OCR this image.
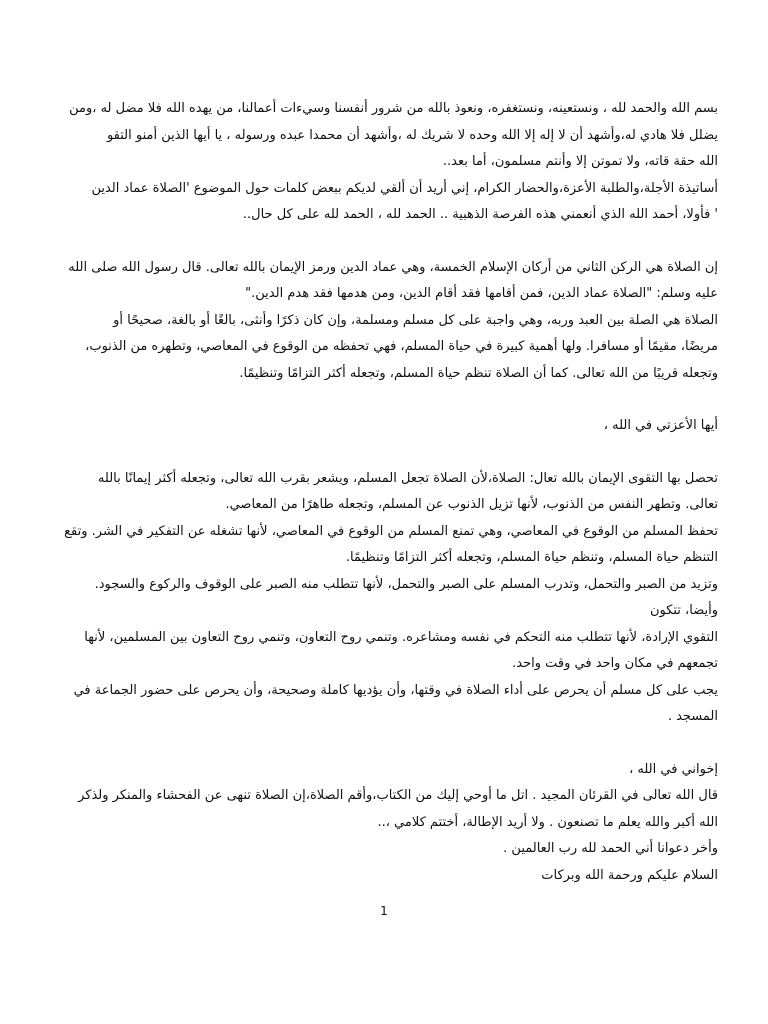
بسم الله والحمد لله ، ونستعينه، ونستغفره، ونعوذ بالله من شرور أنفسنا وسيءات أعمالنا، من يهده الله فلا مضل له ،ومن
يضلل فلا هادي له،وأشهد أن لا إله إلا الله وحده لا شريك له ،وأشهد أن محمدا عبده ورسوله ، يا أيها الذين أمنو التقو
الله حقة قاته، ولا تموتن إلا وأنتم مسلمون، أما بعد..
أساتيذة الأجلة،والطلبة الأعزة،والحضار الكرام، إني أريد أن ألقي لديكم ببعض كلمات حول الموضوع 'الصلاة عماد الدين
' فأولا، أحمد الله الذي أنعمني هذه الفرصة الذهبية .. الحمد لله ، الحمد لله على كل حال..
إن الصلاة هي الركن الثاني من أركان الإسلام الخمسة، وهي عماد الدين ورمز الإيمان بالله تعالى. قال رسول الله صلى الله
عليه وسلم: "الصلاة عماد الدين، فمن أقامها فقد أقام الدين، ومن هدمها فقد هدم الدين."
الصلاة هي الصلة بين العبد وربه، وهي واجبة على كل مسلم ومسلمة، وإن كان ذكرًا وأنثى، بالغًا أو بالغة، صحيحًا أو
مريضًا، مقيمًا أو مسافرا. ولها أهمية كبيرة في حياة المسلم، فهي تحفظه من الوقوع في المعاصي، وتطهره من الذنوب،
وتجعله قريبًا من الله تعالى. كما أن الصلاة تنظم حياة المسلم، وتجعله أكثر التزامًا وتنظيمًا.
أيها الأعزتي في الله ،
تحصل بها التقوى الإيمان بالله تعال: الصلاة،لأن الصلاة تجعل المسلم، ويشعر بقرب الله تعالى، وتجعله أكثر إيمانًا بالله
تعالى. وتطهر النفس من الذنوب، لأنها تزيل الذنوب عن المسلم، وتجعله طاهرًا من المعاصي.
تحفظ المسلم من الوقوع في المعاصي، وهي تمنع المسلم من الوقوع في المعاصي، لأنها تشغله عن التفكير في الشر. وتقع
التنظم حياة المسلم، وتنظم حياة المسلم، وتجعله أكثر التزامًا وتنظيمًا.
وتزيد من الصبر والتحمل، وتدرب المسلم على الصبر والتحمل، لأنها تتطلب منه الصبر على الوقوف والركوع والسجود.
وأيضا، تتكون
التقوي الإرادة، لأنها تتطلب منه التحكم في نفسه ومشاعره. وتنمي روح التعاون، وتنمي روح التعاون بين المسلمين، لأنها
تجمعهم في مكان واحد في وقت واحد.
يجب على كل مسلم أن يحرص على أداء الصلاة في وقتها، وأن يؤديها كاملة وصحيحة، وأن يحرص على حضور الجماعة في
المسجد .
إخواني في الله ،
قال الله تعالى في القرئان المجيد . اتل ما أوحي إليك من الكتاب،وأقم الصلاة،إن الصلاة تنهى عن الفحشاء والمنكر ولذكر
الله أكبر والله يعلم ما تصنعون . ولا أريد الإطالة، أختتم كلامي ،..
وأخر دعوانا أني الحمد لله رب العالمين .
السلام عليكم ورحمة الله وبركات
1
